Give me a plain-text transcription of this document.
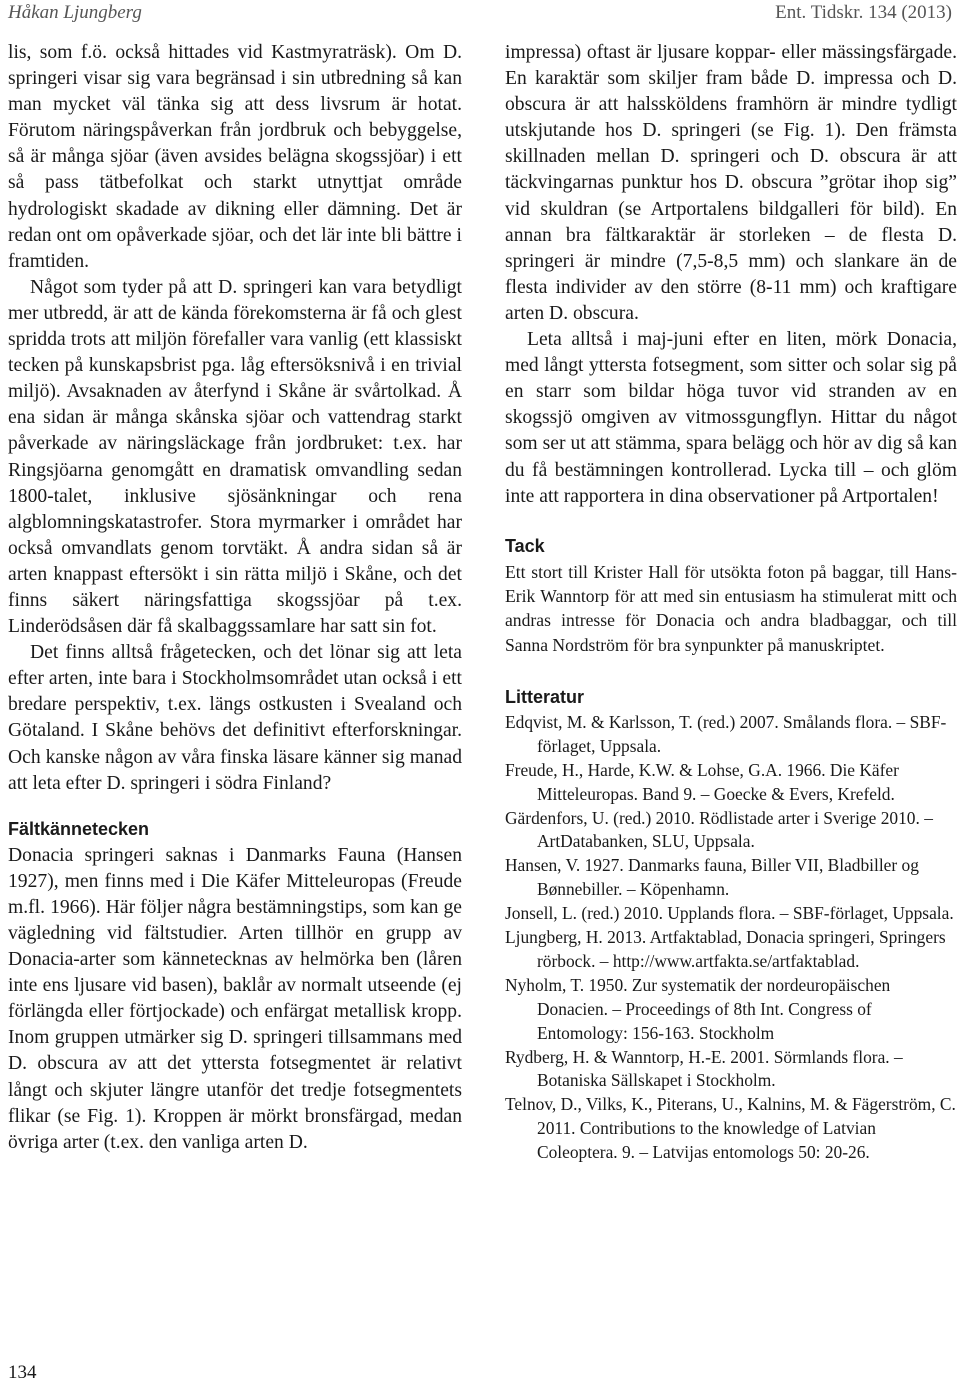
Håkan Ljungberg	Ent. Tidskr. 134 (2013)

lis, som f.ö. också hittades vid Kastmyraträsk). Om D. springeri visar sig vara begränsad i sin utbredning så kan man mycket väl tänka sig att dess livsrum är hotat. Förutom näringspåverkan från jordbruk och bebyggelse, så är många sjöar (även avsides belägna skogssjöar) i ett så pass tätbefolkat och starkt utnyttjat område hydrologiskt skadade av dikning eller dämning. Det är redan ont om opåverkade sjöar, och det lär inte bli bättre i framtiden.

Något som tyder på att D. springeri kan vara betydligt mer utbredd, är att de kända förekomsterna är få och glest spridda trots att miljön förefaller vara vanlig (ett klassiskt tecken på kunskapsbrist pga. låg eftersöksnivå i en trivial miljö). Avsaknaden av återfynd i Skåne är svårtolkad. Å ena sidan är många skånska sjöar och vattendrag starkt påverkade av näringsläckage från jordbruket: t.ex. har Ringsjöarna genomgått en dramatisk omvandling sedan 1800-talet, inklusive sjösänkningar och rena algblomningskatastrofer. Stora myrmarker i området har också omvandlats genom torvtäkt. Å andra sidan så är arten knappast eftersökt i sin rätta miljö i Skåne, och det finns säkert näringsfattiga skogssjöar på t.ex. Linderödsåsen där få skalbaggssamlare har satt sin fot.

Det finns alltså frågetecken, och det lönar sig att leta efter arten, inte bara i Stockholmsområdet utan också i ett bredare perspektiv, t.ex. längs ostkusten i Svealand och Götaland. I Skåne behövs det definitivt efterforskningar. Och kanske någon av våra finska läsare känner sig manad att leta efter D. springeri i södra Finland?

Fältkännetecken

Donacia springeri saknas i Danmarks Fauna (Hansen 1927), men finns med i Die Käfer Mitteleuropas (Freude m.fl. 1966). Här följer några bestämningstips, som kan ge vägledning vid fältstudier. Arten tillhör en grupp av Donacia-arter som kännetecknas av helmörka ben (låren inte ens ljusare vid basen), baklår av normalt utseende (ej förlängda eller förtjockade) och enfärgat metallisk kropp. Inom gruppen utmärker sig D. springeri tillsammans med D. obscura av att det yttersta fotsegmentet är relativt långt och skjuter längre utanför det tredje fotsegmentets flikar (se Fig. 1). Kroppen är mörkt bronsfärgad, medan övriga arter (t.ex. den vanliga arten D.

impressa) oftast är ljusare koppar- eller mässingsfärgade. En karaktär som skiljer fram både D. impressa och D. obscura är att halssköldens framhörn är mindre tydligt utskjutande hos D. springeri (se Fig. 1). Den främsta skillnaden mellan D. springeri och D. obscura är att täckvingarnas punktur hos D. obscura ”grötar ihop sig” vid skuldran (se Artportalens bildgalleri för bild). En annan bra fältkaraktär är storleken – de flesta D. springeri är mindre (7,5-8,5 mm) och slankare än de flesta individer av den större (8-11 mm) och kraftigare arten D. obscura.

Leta alltså i maj-juni efter en liten, mörk Donacia, med långt yttersta fotsegment, som sitter och solar sig på en starr som bildar höga tuvor vid stranden av en skogssjö omgiven av vitmossgungflyn. Hittar du något som ser ut att stämma, spara belägg och hör av dig så kan du få bestämningen kontrollerad. Lycka till – och glöm inte att rapportera in dina observationer på Artportalen!

Tack

Ett stort till Krister Hall för utsökta foton på baggar, till Hans-Erik Wanntorp för att med sin entusiasm ha stimulerat mitt och andras intresse för Donacia och andra bladbaggar, och till Sanna Nordström för bra synpunkter på manuskriptet.

Litteratur

Edqvist, M. & Karlsson, T. (red.) 2007. Smålands flora. – SBF-förlaget, Uppsala.

Freude, H., Harde, K.W. & Lohse, G.A. 1966. Die Käfer Mitteleuropas. Band 9. – Goecke & Evers, Krefeld.

Gärdenfors, U. (red.) 2010. Rödlistade arter i Sverige 2010. – ArtDatabanken, SLU, Uppsala.

Hansen, V. 1927. Danmarks fauna, Biller VII, Bladbiller og Bønnebiller. – Köpenhamn.

Jonsell, L. (red.) 2010. Upplands flora. – SBF-förlaget, Uppsala.

Ljungberg, H. 2013. Artfaktablad, Donacia springeri, Springers rörbock. – http://www.artfakta.se/artfaktablad.

Nyholm, T. 1950. Zur systematik der nordeuropäischen Donacien. – Proceedings of 8th Int. Congress of Entomology: 156-163. Stockholm

Rydberg, H. & Wanntorp, H.-E. 2001. Sörmlands flora. – Botaniska Sällskapet i Stockholm.

Telnov, D., Vilks, K., Piterans, U., Kalnins, M. & Fägerström, C. 2011. Contributions to the knowledge of Latvian Coleoptera. 9. – Latvijas entomologs 50: 20-26.

134
